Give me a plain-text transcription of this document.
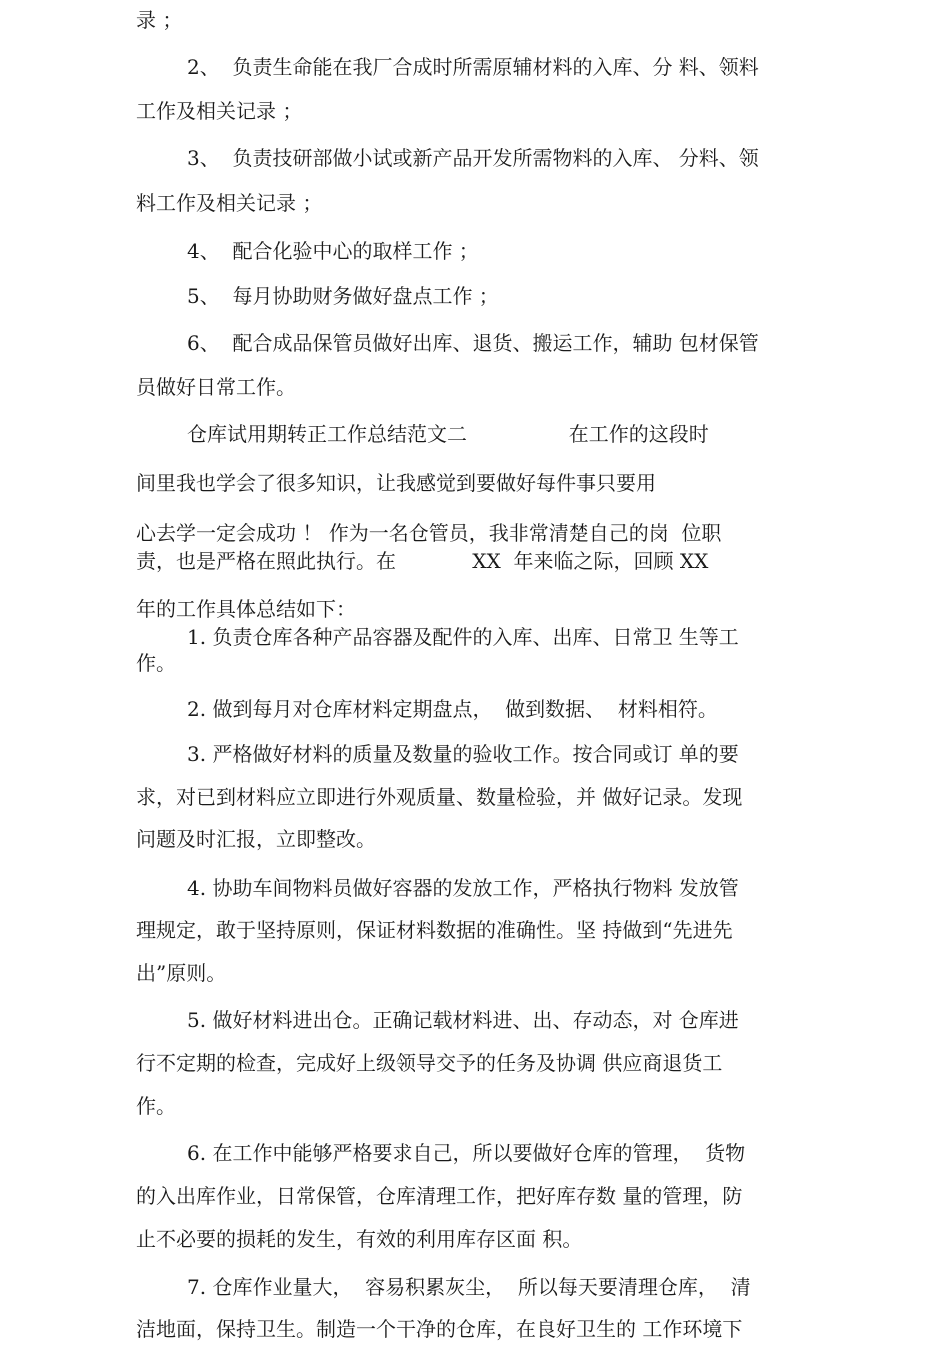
录 ；
2、  负责生命能在我厂合成时所需原辅材料的入库、分 料、领料
工作及相关记录 ；
3、  负责技研部做小试或新产品开发所需物料的入库、 分料、领
料工作及相关记录 ；
4、  配合化验中心的取样工作 ；
5、  每月协助财务做好盘点工作 ；
6、  配合成品保管员做好出库、退货、搬运工作，辅助 包材保管
员做好日常工作。
仓库试用期转正工作总结范文二                在工作的这段时
间里我也学会了很多知识，让我感觉到要做好每件事只要用
心去学一定会成功 ！ 作为一名仓管员，我非常清楚自己的岗  位职
责，也是严格在照此执行。在            XX  年来临之际，回顾 XX
年的工作具体总结如下：
1. 负责仓库各种产品容器及配件的入库、出库、日常卫 生等工
作。
2. 做到每月对仓库材料定期盘点，  做到数据、  材料相符。
3. 严格做好材料的质量及数量的验收工作。按合同或订 单的要
求，对已到材料应立即进行外观质量、数量检验，并 做好记录。发现
问题及时汇报，立即整改。
4. 协助车间物料员做好容器的发放工作，严格执行物料 发放管
理规定，敢于坚持原则，保证材料数据的准确性。坚 持做到“先进先
出”原则。
5. 做好材料进出仓。正确记载材料进、出、存动态，对 仓库进
行不定期的检查，完成好上级领导交予的任务及协调 供应商退货工
作。
6. 在工作中能够严格要求自己，所以要做好仓库的管理，  货物
的入出库作业，日常保管，仓库清理工作，把好库存数 量的管理，防
止不必要的损耗的发生，有效的利用库存区面 积。
7. 仓库作业量大，  容易积累灰尘，  所以每天要清理仓库，  清
洁地面，保持卫生。制造一个干净的仓库，在良好卫生的 工作环境下
